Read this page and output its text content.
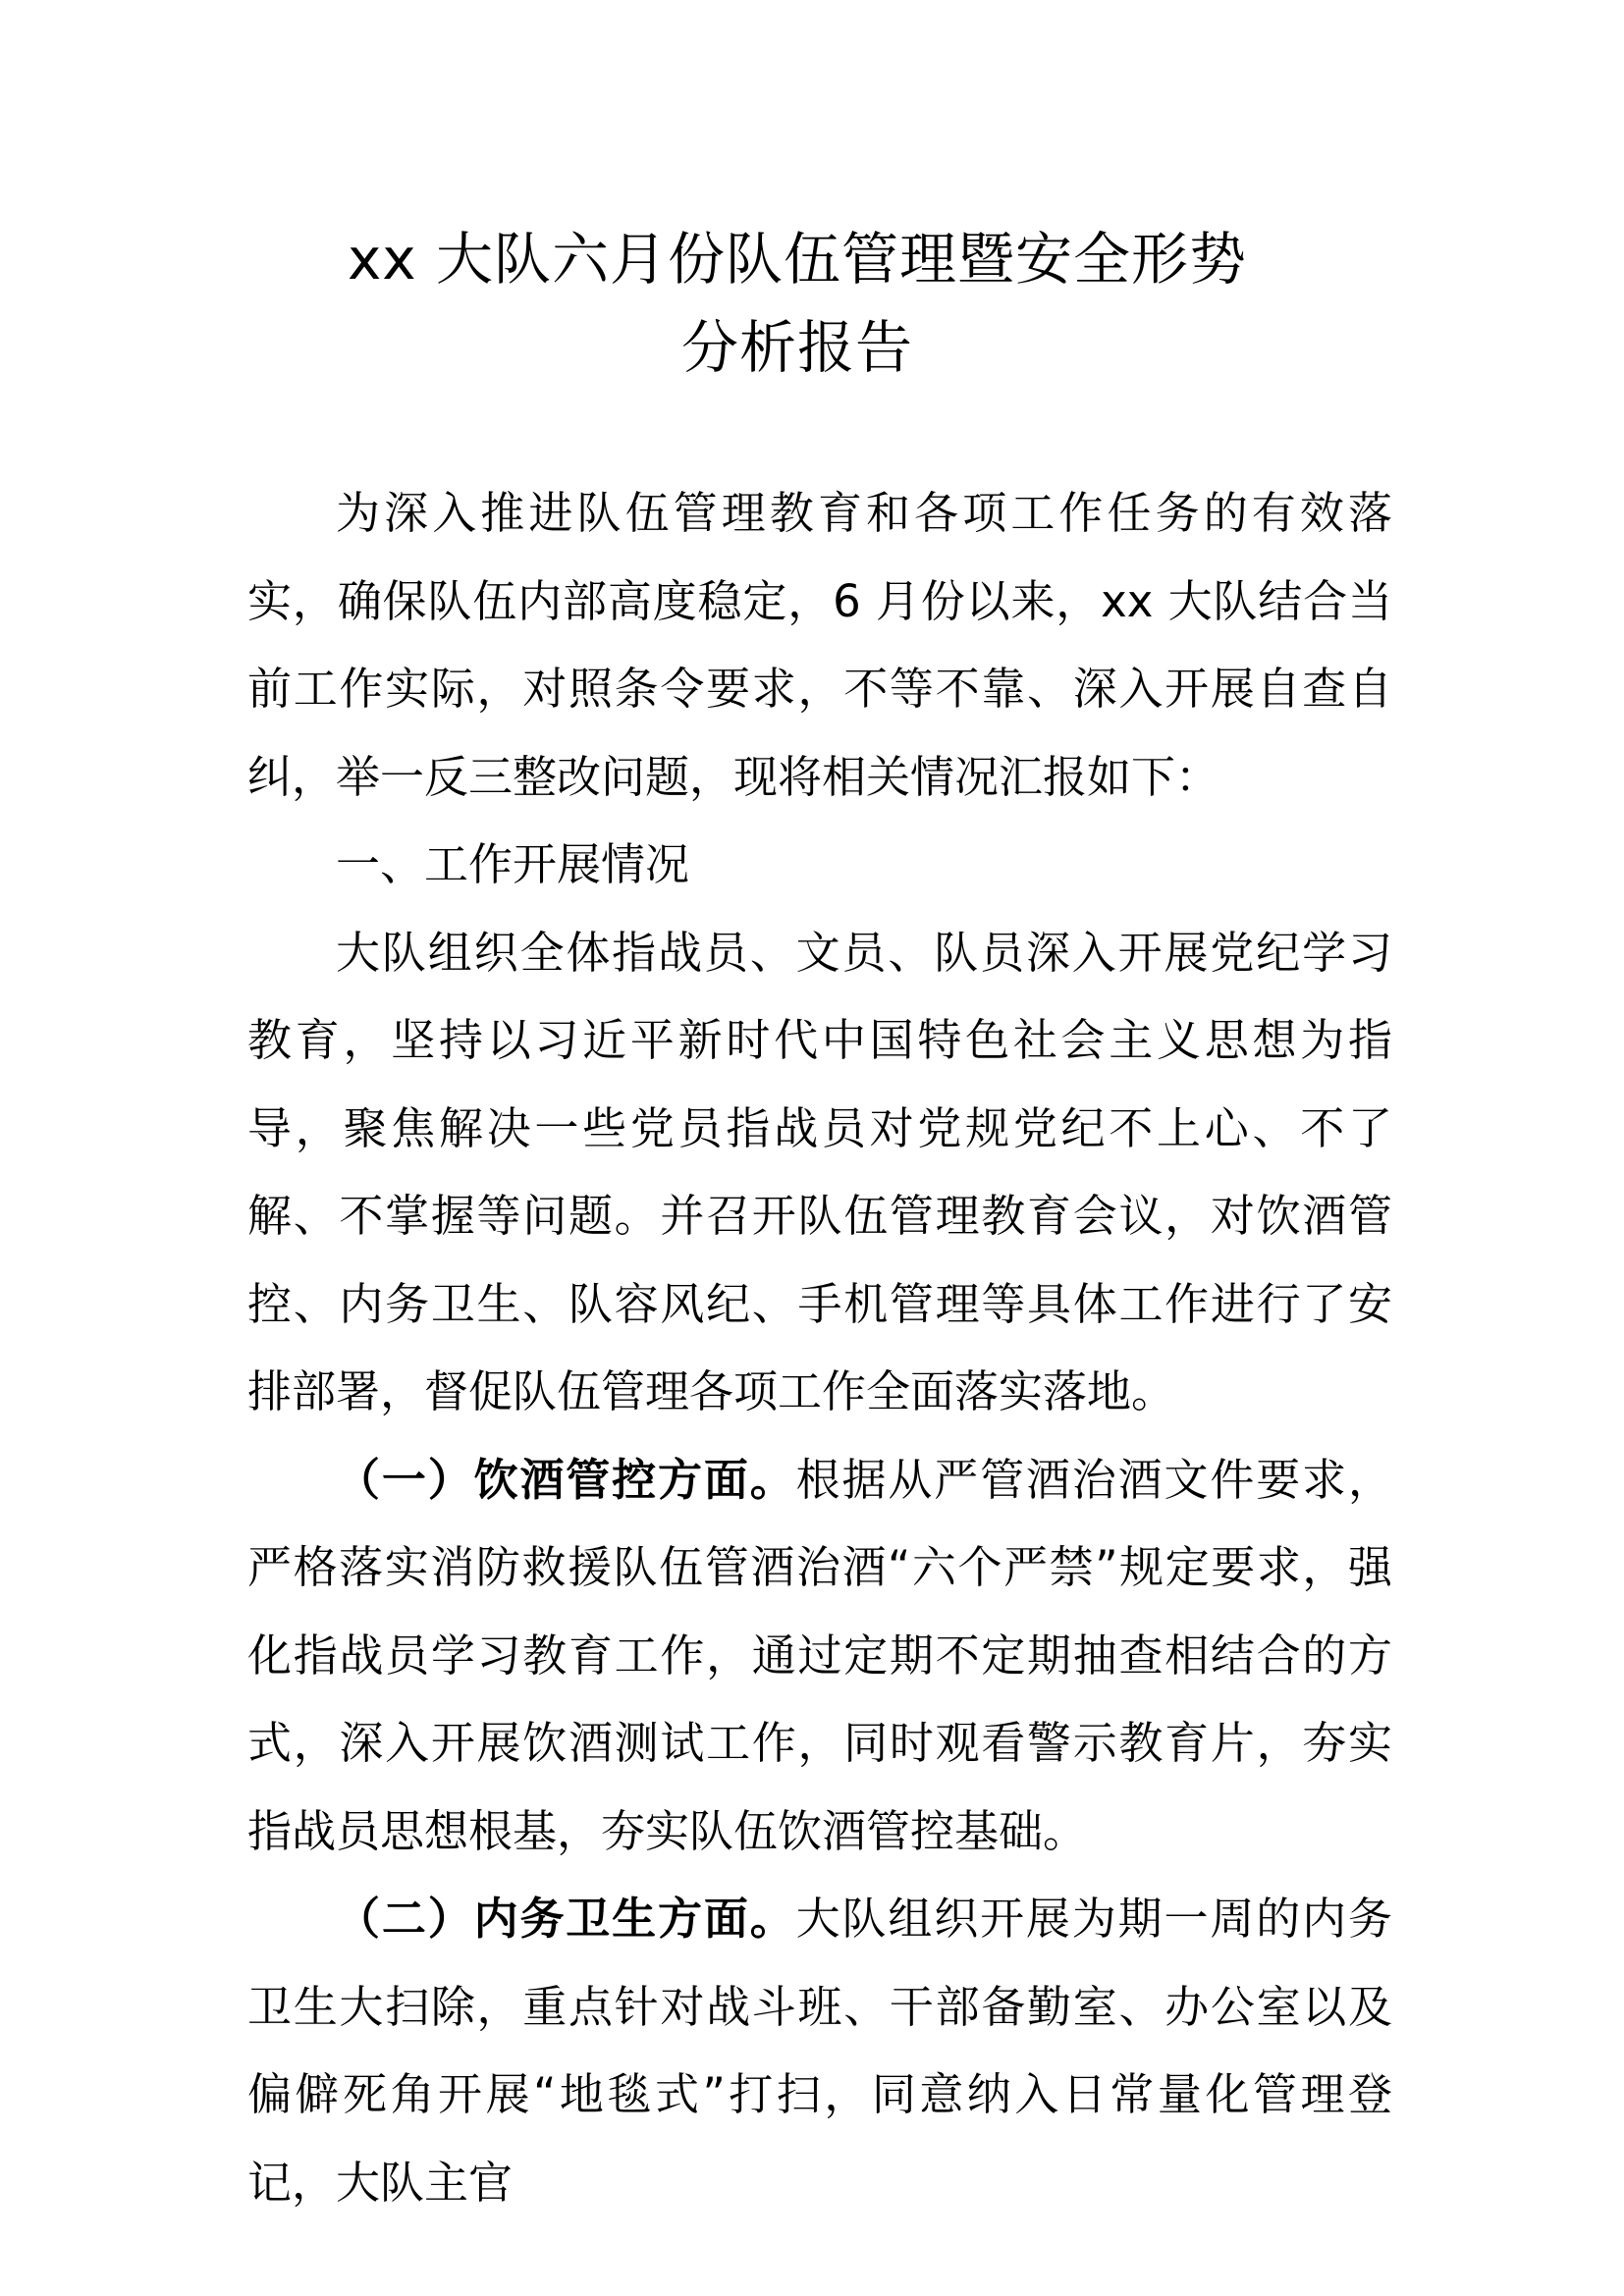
xx 大队六月份队伍管理暨安全形势
分析报告

为深入推进队伍管理教育和各项工作任务的有效落实，确保队伍内部高度稳定，6 月份以来，xx 大队结合当前工作实际，对照条令要求，不等不靠、深入开展自查自纠，举一反三整改问题，现将相关情况汇报如下：

一、工作开展情况

大队组织全体指战员、文员、队员深入开展党纪学习教育，坚持以习近平新时代中国特色社会主义思想为指导，聚焦解决一些党员指战员对党规党纪不上心、不了解、不掌握等问题。并召开队伍管理教育会议，对饮酒管控、内务卫生、队容风纪、手机管理等具体工作进行了安排部署，督促队伍管理各项工作全面落实落地。

（一）饮酒管控方面。根据从严管酒治酒文件要求，严格落实消防救援队伍管酒治酒“六个严禁”规定要求，强化指战员学习教育工作，通过定期不定期抽查相结合的方式，深入开展饮酒测试工作，同时观看警示教育片，夯实指战员思想根基，夯实队伍饮酒管控基础。

（二）内务卫生方面。大队组织开展为期一周的内务卫生大扫除，重点针对战斗班、干部备勤室、办公室以及偏僻死角开展“地毯式”打扫，同意纳入日常量化管理登记，大队主官
